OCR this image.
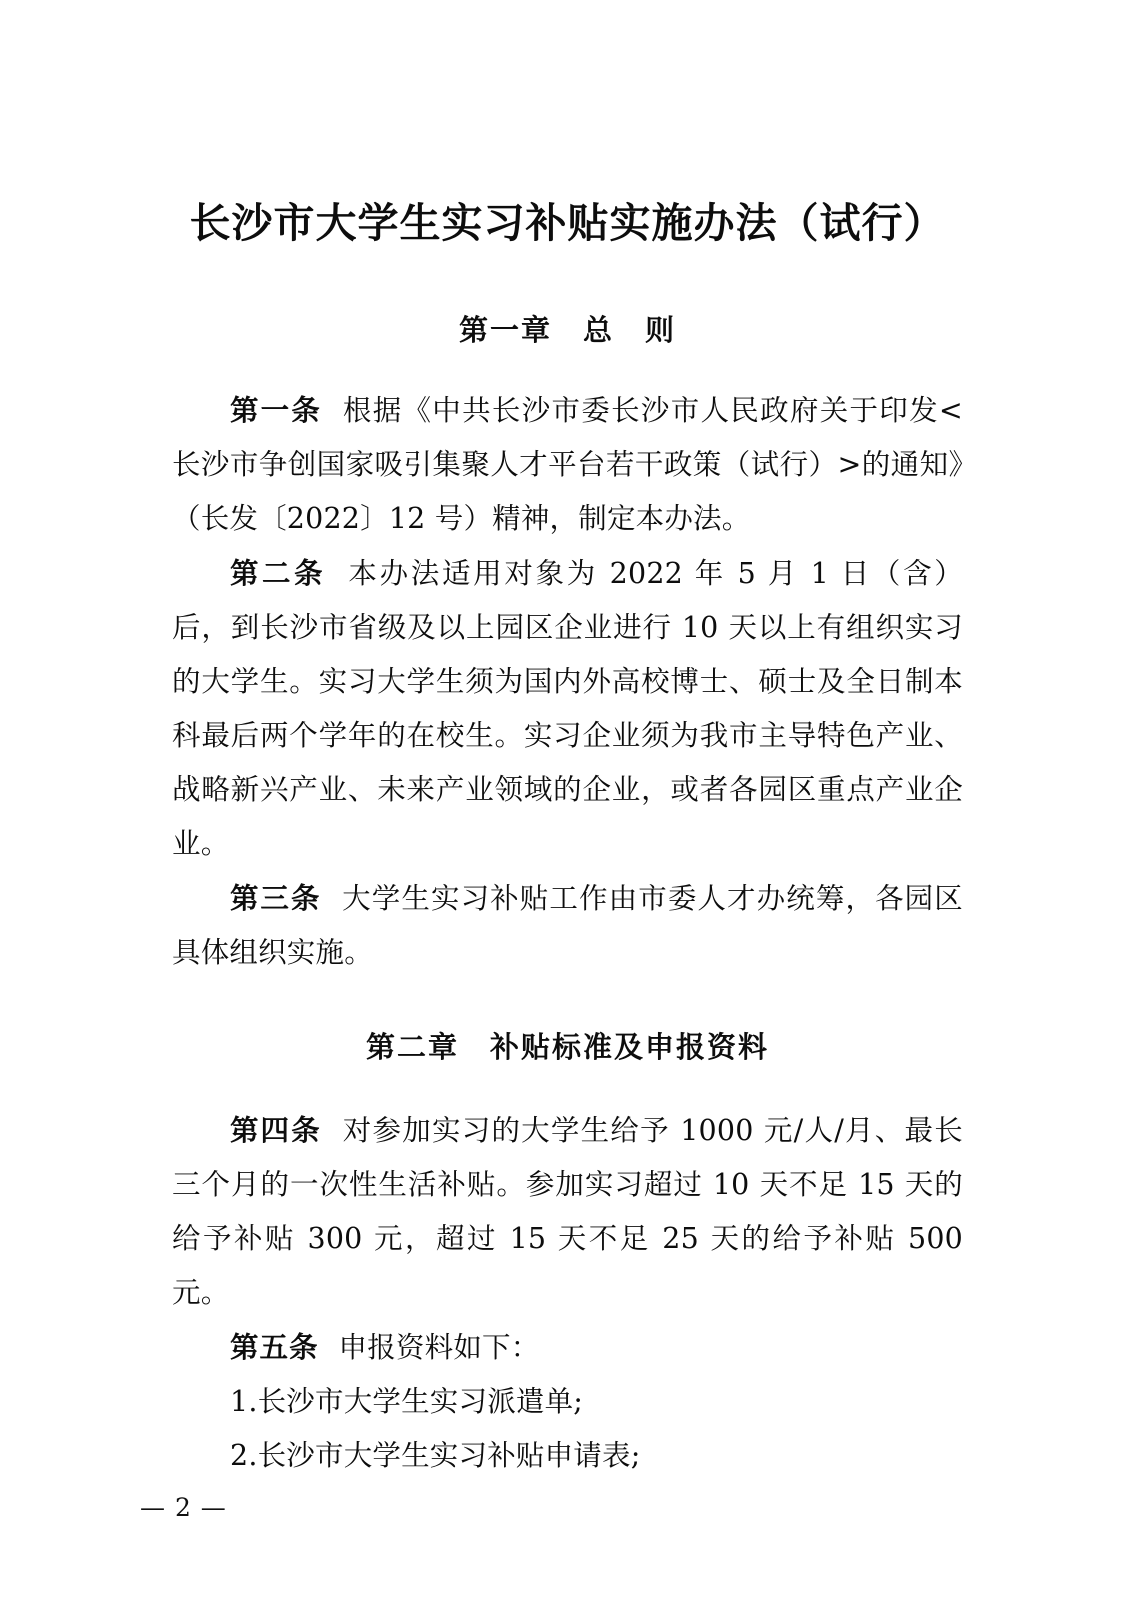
长沙市大学生实习补贴实施办法（试行）
第一章　总　则

第一条 根据《中共长沙市委长沙市人民政府关于印发<长沙市争创国家吸引集聚人才平台若干政策（试行）>的通知》（长发〔2022〕12 号）精神，制定本办法。

第二条 本办法适用对象为 2022 年 5 月 1 日（含）后，到长沙市省级及以上园区企业进行 10 天以上有组织实习的大学生。实习大学生须为国内外高校博士、硕士及全日制本科最后两个学年的在校生。实习企业须为我市主导特色产业、战略新兴产业、未来产业领域的企业，或者各园区重点产业企业。

第三条 大学生实习补贴工作由市委人才办统筹，各园区具体组织实施。

第二章　补贴标准及申报资料

第四条 对参加实习的大学生给予 1000 元/人/月、最长三个月的一次性生活补贴。参加实习超过 10 天不足 15 天的给予补贴 300 元，超过 15 天不足 25 天的给予补贴 500 元。

第五条 申报资料如下：

1.长沙市大学生实习派遣单;

2.长沙市大学生实习补贴申请表;

— 2 —
